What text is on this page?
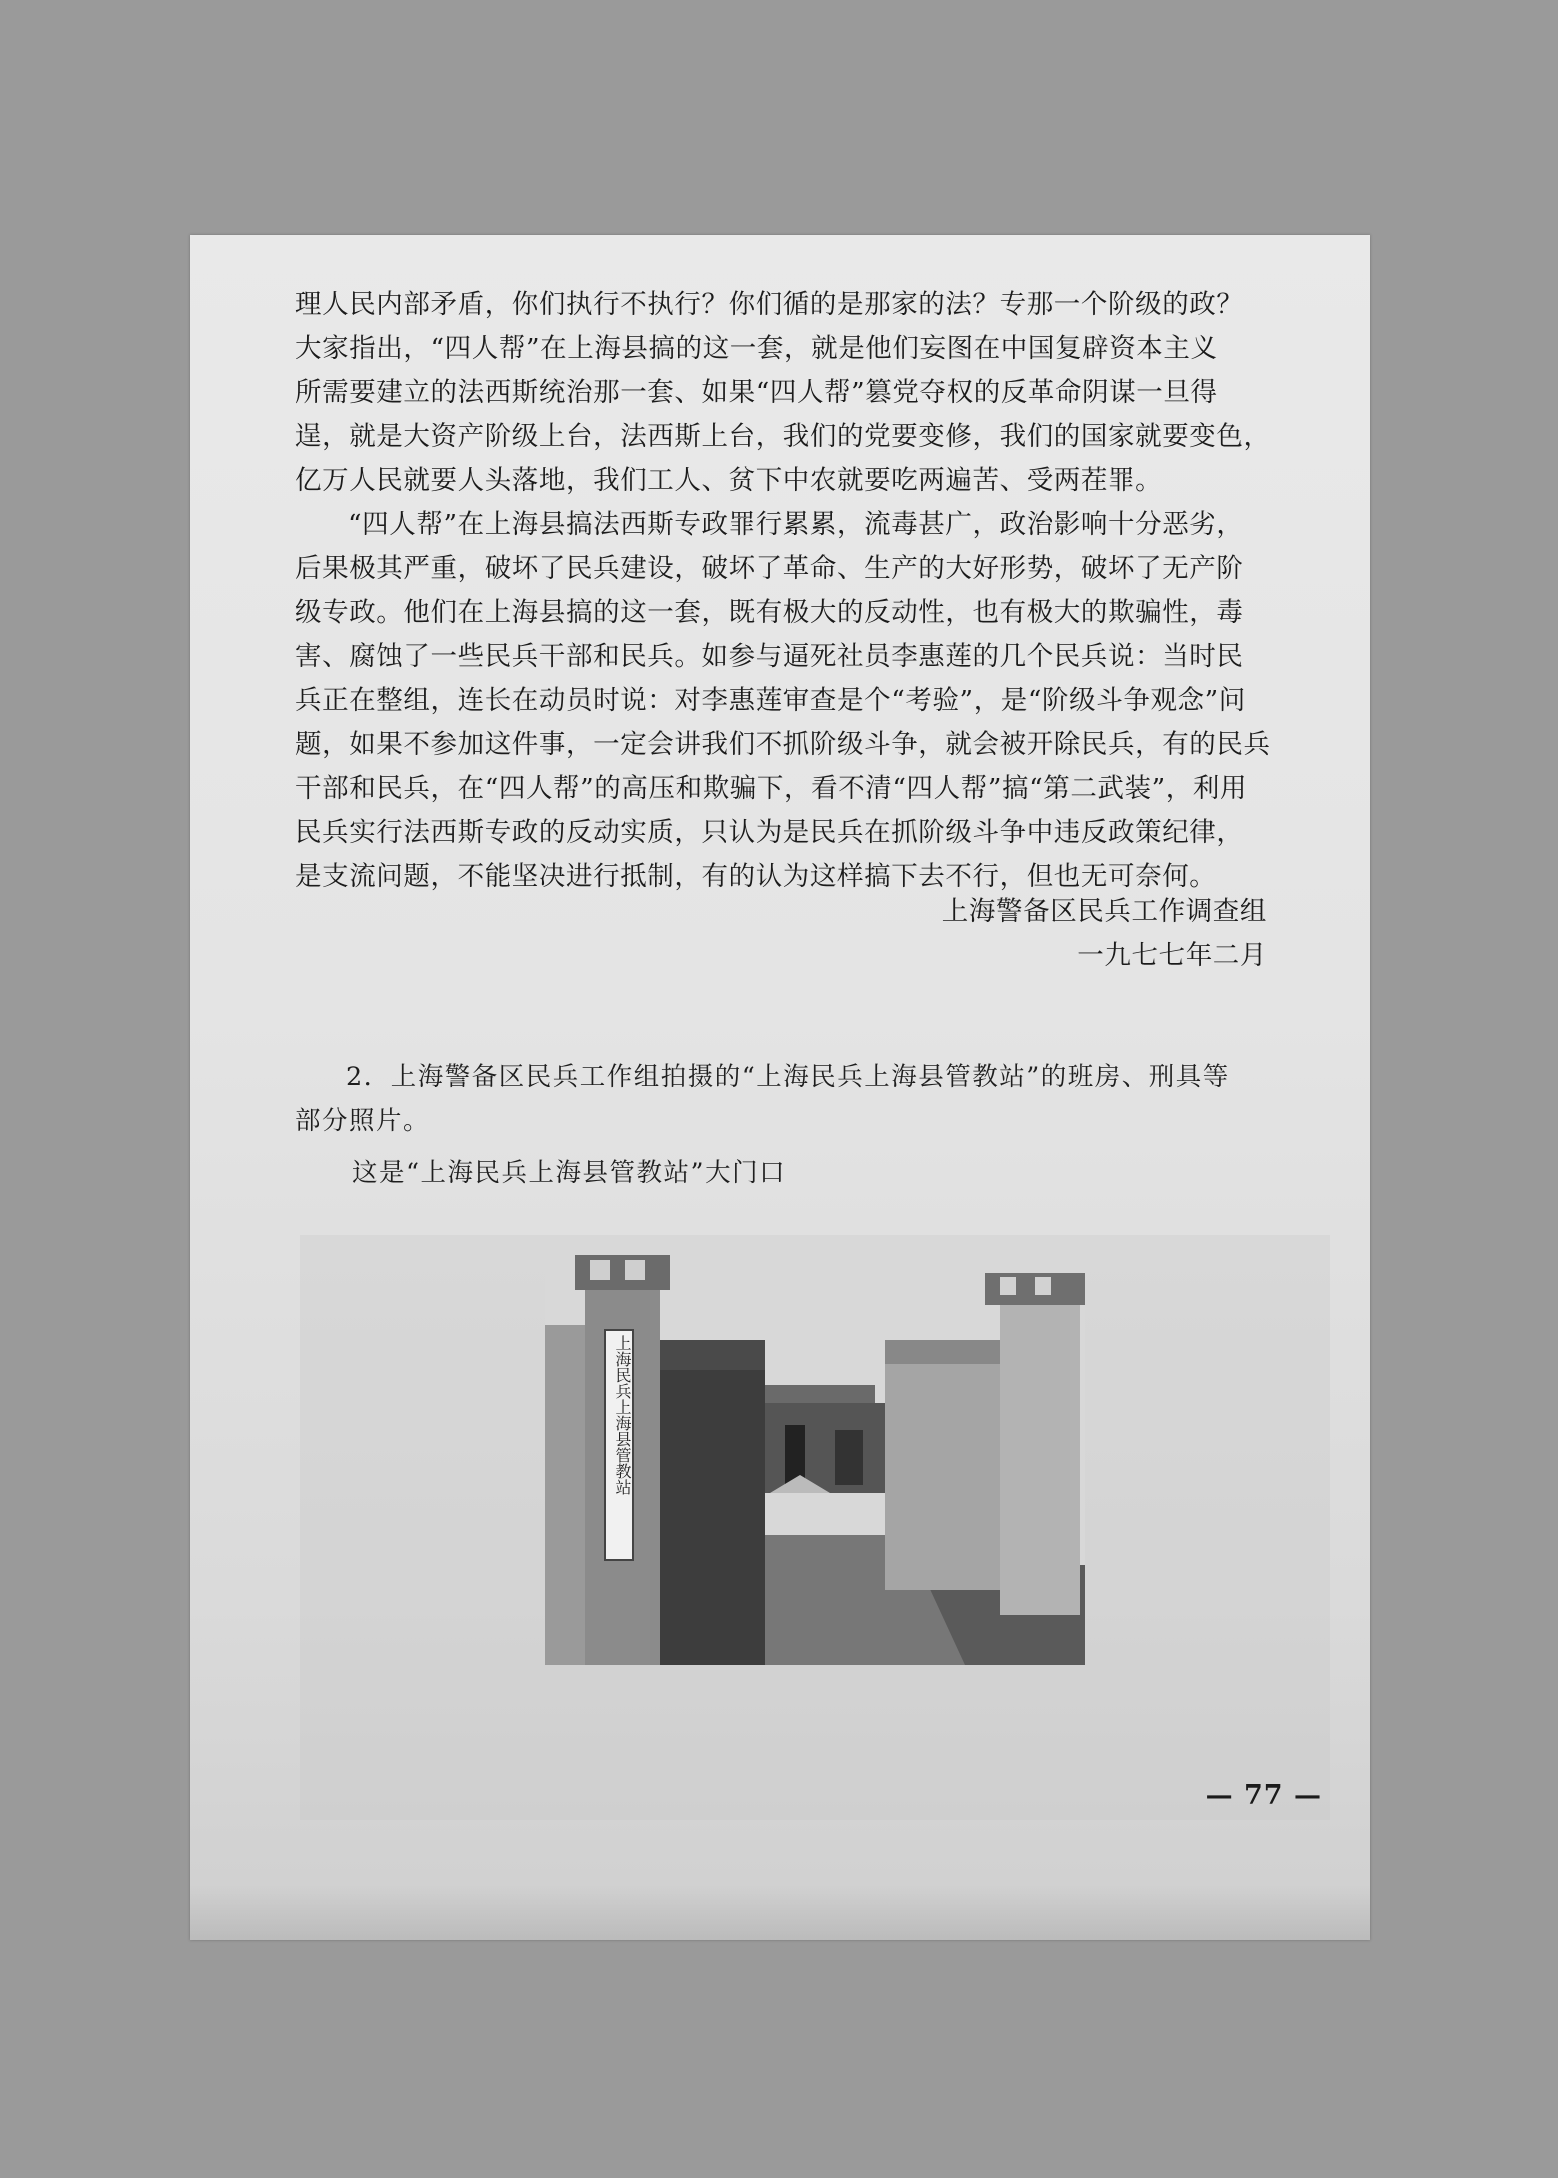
理人民内部矛盾，你们执行不执行？你们循的是那家的法？专那一个阶级的政？

大家指出，“四人帮”在上海县搞的这一套，就是他们妄图在中国复辟资本主义

所需要建立的法西斯统治那一套、如果“四人帮”篡党夺权的反革命阴谋一旦得

逞，就是大资产阶级上台，法西斯上台，我们的党要变修，我们的国家就要变色，

亿万人民就要人头落地，我们工人、贫下中农就要吃两遍苦、受两茬罪。

“四人帮”在上海县搞法西斯专政罪行累累，流毒甚广，政治影响十分恶劣，

后果极其严重，破坏了民兵建设，破坏了革命、生产的大好形势，破坏了无产阶

级专政。他们在上海县搞的这一套，既有极大的反动性，也有极大的欺骗性，毒

害、腐蚀了一些民兵干部和民兵。如参与逼死社员李惠莲的几个民兵说：当时民

兵正在整组，连长在动员时说：对李惠莲审查是个“考验”，是“阶级斗争观念”问

题，如果不参加这件事，一定会讲我们不抓阶级斗争，就会被开除民兵，有的民兵

干部和民兵，在“四人帮”的高压和欺骗下，看不清“四人帮”搞“第二武装”，利用

民兵实行法西斯专政的反动实质，只认为是民兵在抓阶级斗争中违反政策纪律，

是支流问题，不能坚决进行抵制，有的认为这样搞下去不行，但也无可奈何。

上海警备区民兵工作调查组
一九七七年二月
2．上海警备区民兵工作组拍摄的“上海民兵上海县管教站”的班房、刑具等
部分照片。
这是“上海民兵上海县管教站”大门口
上海民兵上海县管教站
— 77 —
